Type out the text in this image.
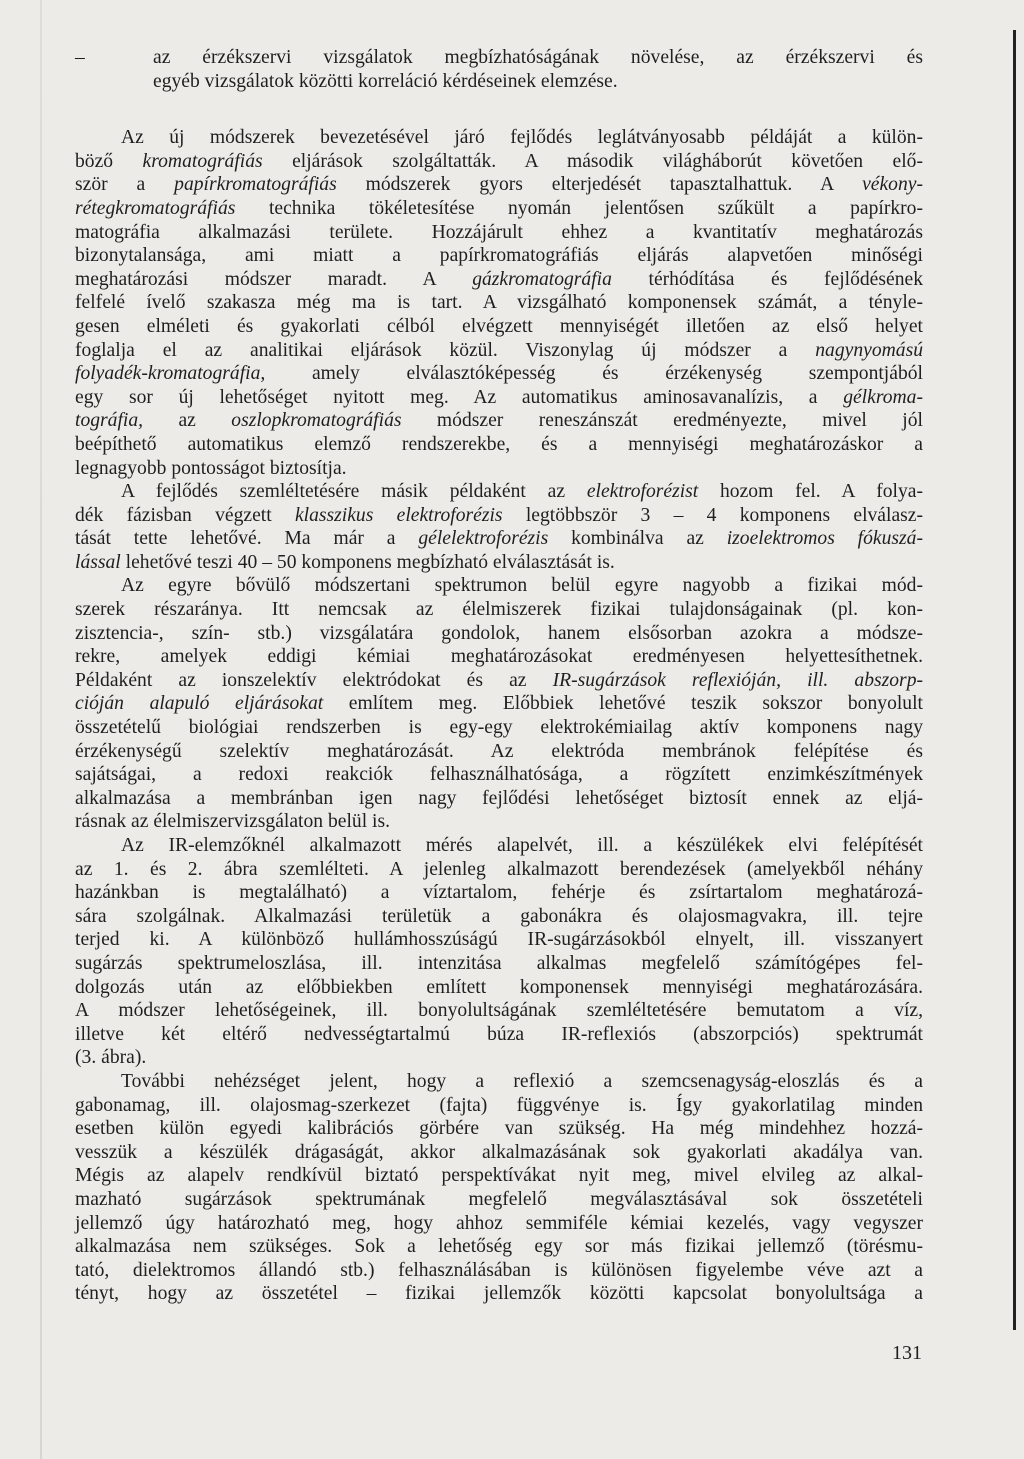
–	az érzékszervi vizsgálatok megbízhatóságának növelése, az érzékszervi és
egyéb vizsgálatok közötti korreláció kérdéseinek elemzése.
Az új módszerek bevezetésével járó fejlődés leglátványosabb példáját a külön-
böző kromatográfiás eljárások szolgáltatták. A második világháborút követően elő-
ször a papírkromatográfiás módszerek gyors elterjedését tapasztalhattuk. A vékony-
rétegkromatográfiás technika tökéletesítése nyomán jelentősen szűkült a papírkro-
matográfia alkalmazási területe. Hozzájárult ehhez a kvantitatív meghatározás
bizonytalansága, ami miatt a papírkromatográfiás eljárás alapvetően minőségi
meghatározási módszer maradt. A gázkromatográfia térhódítása és fejlődésének
felfelé ívelő szakasza még ma is tart. A vizsgálható komponensek számát, a tényle-
gesen elméleti és gyakorlati célból elvégzett mennyiségét illetően az első helyet
foglalja el az analitikai eljárások közül. Viszonylag új módszer a nagynyomású
folyadék-kromatográfia, amely elválasztóképesség és érzékenység szempontjából
egy sor új lehetőséget nyitott meg. Az automatikus aminosavanalízis, a gélkroma-
tográfia, az oszlopkromatográfiás módszer reneszánszát eredményezte, mivel jól
beépíthető automatikus elemző rendszerekbe, és a mennyiségi meghatározáskor a
legnagyobb pontosságot biztosítja.
A fejlődés szemléltetésére másik példaként az elektroforézist hozom fel. A folya-
dék fázisban végzett klasszikus elektroforézis legtöbbször 3 – 4 komponens elválasz-
tását tette lehetővé. Ma már a gélelektroforézis kombinálva az izoelektromos fókuszá-
lással lehetővé teszi 40 – 50 komponens megbízható elválasztását is.
Az egyre bővülő módszertani spektrumon belül egyre nagyobb a fizikai mód-
szerek részaránya. Itt nemcsak az élelmiszerek fizikai tulajdonságainak (pl. kon-
zisztencia-, szín- stb.) vizsgálatára gondolok, hanem elsősorban azokra a módsze-
rekre, amelyek eddigi kémiai meghatározásokat eredményesen helyettesíthetnek.
Példaként az ionszelektív elektródokat és az IR-sugárzások reflexióján, ill. abszorp-
cióján alapuló eljárásokat említem meg. Előbbiek lehetővé teszik sokszor bonyolult
összetételű biológiai rendszerben is egy-egy elektrokémiailag aktív komponens nagy
érzékenységű szelektív meghatározását. Az elektróda membránok felépítése és
sajátságai, a redoxi reakciók felhasználhatósága, a rögzített enzimkészítmények
alkalmazása a membránban igen nagy fejlődési lehetőséget biztosít ennek az eljá-
rásnak az élelmiszervizsgálaton belül is.
Az IR-elemzőknél alkalmazott mérés alapelvét, ill. a készülékek elvi felépítését
az 1. és 2. ábra szemlélteti. A jelenleg alkalmazott berendezések (amelyekből néhány
hazánkban is megtalálható) a víztartalom, fehérje és zsírtartalom meghatározá-
sára szolgálnak. Alkalmazási területük a gabonákra és olajosmagvakra, ill. tejre
terjed ki. A különböző hullámhosszúságú IR-sugárzásokból elnyelt, ill. visszanyert
sugárzás spektrumeloszlása, ill. intenzitása alkalmas megfelelő számítógépes fel-
dolgozás után az előbbiekben említett komponensek mennyiségi meghatározására.
A módszer lehetőségeinek, ill. bonyolultságának szemléltetésére bemutatom a víz,
illetve két eltérő nedvességtartalmú búza IR-reflexiós (abszorpciós) spektrumát
(3. ábra).
További nehézséget jelent, hogy a reflexió a szemcsenagyság-eloszlás és a
gabonamag, ill. olajosmag-szerkezet (fajta) függvénye is. Így gyakorlatilag minden
esetben külön egyedi kalibrációs görbére van szükség. Ha még mindehhez hozzá-
vesszük a készülék drágaságát, akkor alkalmazásának sok gyakorlati akadálya van.
Mégis az alapelv rendkívül biztató perspektívákat nyit meg, mivel elvileg az alkal-
mazható sugárzások spektrumának megfelelő megválasztásával sok összetételi
jellemző úgy határozható meg, hogy ahhoz semmiféle kémiai kezelés, vagy vegyszer
alkalmazása nem szükséges. Sok a lehetőség egy sor más fizikai jellemző (törésmu-
tató, dielektromos állandó stb.) felhasználásában is különösen figyelembe véve azt a
tényt, hogy az összetétel – fizikai jellemzők közötti kapcsolat bonyolultsága a
131
